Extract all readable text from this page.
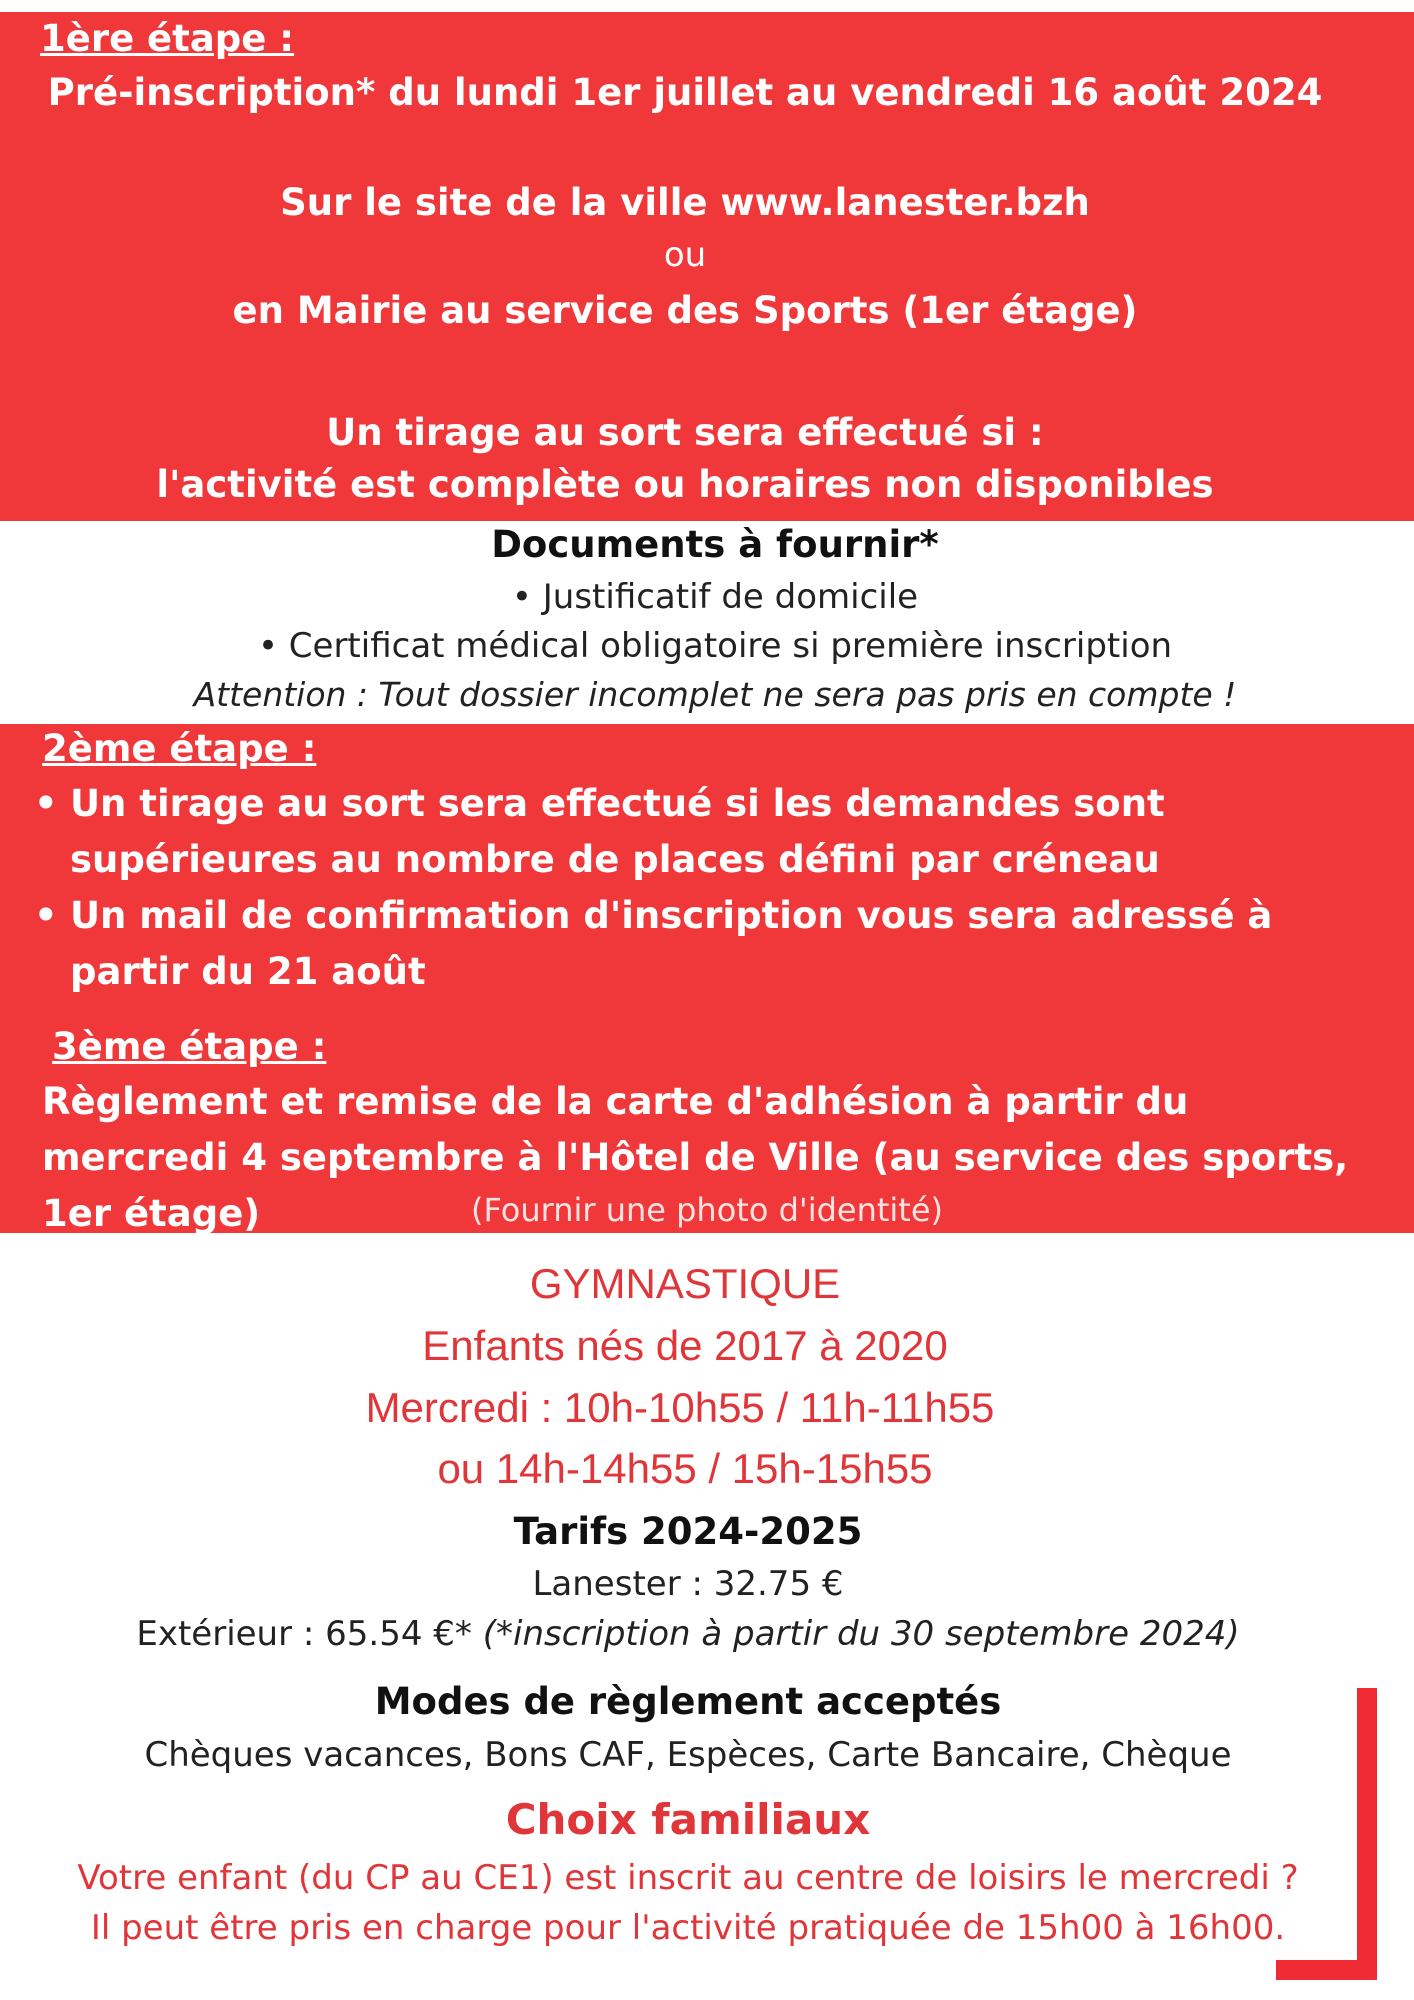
1ère étape :
Pré-inscription* du lundi 1er juillet au vendredi 16 août 2024
Sur le site de la ville www.lanester.bzh
ou
en Mairie au service des Sports (1er étage)
Un tirage au sort sera effectué si :
l'activité est complète ou horaires non disponibles
Documents à fournir*
• Justificatif de domicile
• Certificat médical obligatoire si première inscription
Attention : Tout dossier incomplet ne sera pas pris en compte !
2ème étape :
• Un tirage au sort sera effectué si les demandes sont supérieures au nombre de places défini par créneau
• Un mail de confirmation d'inscription vous sera adressé à partir du 21 août
3ème étape :
Règlement et remise de la carte d'adhésion à partir du mercredi 4 septembre à l'Hôtel de Ville (au service des sports, 1er étage)	(Fournir une photo d'identité)
GYMNASTIQUE
Enfants nés de 2017 à 2020
Mercredi : 10h-10h55 / 11h-11h55
ou 14h-14h55 / 15h-15h55
Tarifs 2024-2025
Lanester : 32.75 €
Extérieur : 65.54 €* (*inscription à partir du 30 septembre 2024)
Modes de règlement acceptés
Chèques vacances, Bons CAF, Espèces, Carte Bancaire, Chèque
Choix familiaux
Votre enfant (du CP au CE1) est inscrit au centre de loisirs le mercredi ?
Il peut être pris en charge pour l'activité pratiquée de 15h00 à 16h00.
